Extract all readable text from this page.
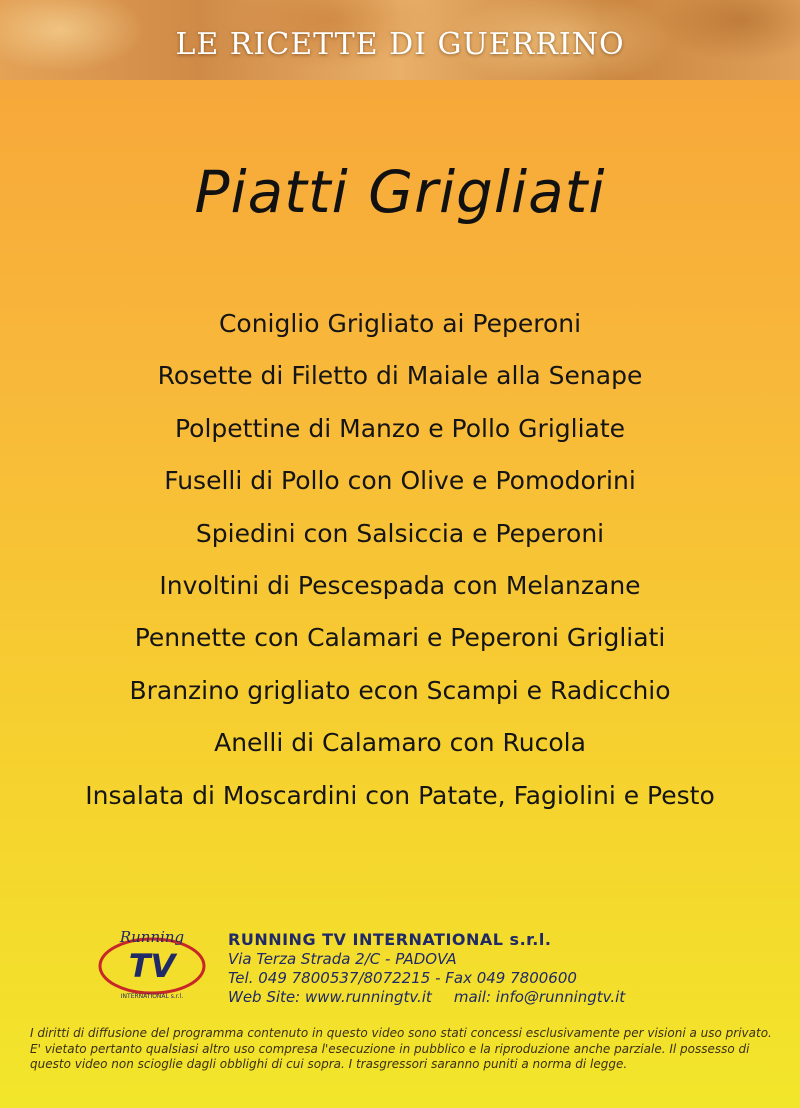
LE RICETTE DI GUERRINO
Piatti Grigliati
Coniglio Grigliato ai Peperoni
Rosette di Filetto di Maiale alla Senape
Polpettine di Manzo e Pollo Grigliate
Fuselli di Pollo con Olive e Pomodorini
Spiedini con Salsiccia e Peperoni
Involtini di Pescespada con Melanzane
Pennette con Calamari e Peperoni Grigliati
Branzino grigliato econ Scampi e Radicchio
Anelli di Calamaro con Rucola
Insalata di Moscardini con Patate, Fagiolini e Pesto
Running
TV
INTERNATIONAL s.r.l.
RUNNING TV INTERNATIONAL s.r.l.
Via Terza Strada 2/C - PADOVA
Tel. 049 7800537/8072215 - Fax 049 7800600
Web Site: www.runningtv.it mail: info@runningtv.it
I diritti di diffusione del programma contenuto in questo video sono stati concessi esclusivamente per visioni a uso privato. E' vietato pertanto qualsiasi altro uso compresa l'esecuzione in pubblico e la riproduzione anche parziale. Il possesso di questo video non scioglie dagli obblighi di cui sopra. I trasgressori saranno puniti a norma di legge.
